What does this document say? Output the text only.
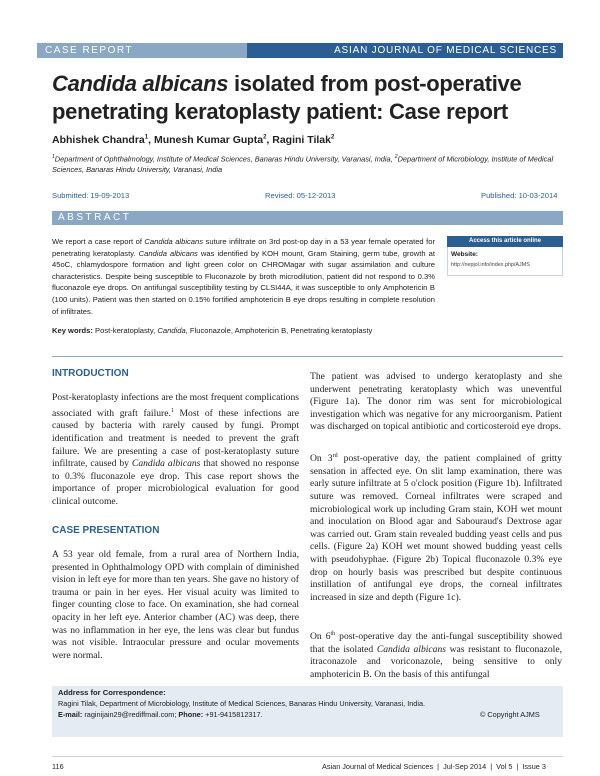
CASE REPORT	ASIAN JOURNAL OF MEDICAL SCIENCES
Candida albicans isolated from post-operative
penetrating keratoplasty patient: Case report
Abhishek Chandra$^1$, Munesh Kumar Gupta$^2$, Ragini Tilak$^2$
$^1$Department of Ophthalmology, Institute of Medical Sciences, Banaras Hindu University, Varanasi, India, $^2$Department of Microbiology, Institute of Medical Sciences, Banaras Hindu University, Varanasi, India
Submitted: 19-09-2013	Revised: 05-12-2013	Published: 10-03-2014
ABSTRACT
We report a case report of Candida albicans suture infiltrate on 3rd post-op day in a 53 year female operated for penetrating keratoplasty. Candida albicans was identified by KOH mount, Gram Staining, germ tube, growth at 45oC, chlamydospore formation and light green color on CHROMagar with sugar assimilation and culture characteristics. Despite being susceptible to Fluconazole by broth microdilution, patient did not respond to 0.3% fluconazole eye drops. On antifungal susceptibility testing by CLSI44A, it was susceptible to only Amphotericin B (100 units). Patient was then started on 0.15% fortified amphotericin B eye drops resulting in complete resolution of infiltrates.
Access this article online
Website:
http://nepjol.info/index.php/AJMS
Key words: Post-keratoplasty, Candida, Fluconazole, Amphotericin B, Penetrating keratoplasty
INTRODUCTION
Post-keratoplasty infections are the most frequent complications associated with graft failure.$^1$ Most of these infections are caused by bacteria with rarely caused by fungi. Prompt identification and treatment is needed to prevent the graft failure. We are presenting a case of post-keratoplasty suture infiltrate, caused by Candida albicans that showed no response to 0.3% fluconazole eye drop. This case report shows the importance of proper microbiological evaluation for good clinical outcome.
CASE PRESENTATION
A 53 year old female, from a rural area of Northern India, presented in Ophthalmology OPD with complain of diminished vision in left eye for more than ten years. She gave no history of trauma or pain in her eyes. Her visual acuity was limited to finger counting close to face. On examination, she had corneal opacity in her left eye. Anterior chamber (AC) was deep, there was no inflammation in her eye, the lens was clear but fundus was not visible. Intraocular pressure and ocular movements were normal.
The patient was advised to undergo keratoplasty and she underwent penetrating keratoplasty which was uneventful (Figure 1a). The donor rim was sent for microbiological investigation which was negative for any microorganism. Patient was discharged on topical antibiotic and corticosteroid eye drops.
On 3rd post-operative day, the patient complained of gritty sensation in affected eye. On slit lamp examination, there was early suture infiltrate at 5 o'clock position (Figure 1b). Infiltrated suture was removed. Corneal infiltrates were scraped and microbiological work up including Gram stain, KOH wet mount and inoculation on Blood agar and Sabouraud's Dextrose agar was carried out. Gram stain revealed budding yeast cells and pus cells. (Figure 2a) KOH wet mount showed budding yeast cells with pseudohyphae. (Figure 2b) Topical fluconazole 0.3% eye drop on hourly basis was prescribed but despite continuous instillation of antifungal eye drops, the corneal infiltrates increased in size and depth (Figure 1c).
On 6th post-operative day the anti-fungal susceptibility showed that the isolated Candida albicans was resistant to fluconazole, itraconazole and voriconazole, being sensitive to only amphotericin B. On the basis of this antifungal
Address for Correspondence:
Ragini Tilak, Department of Microbiology, Institute of Medical Sciences, Banaras Hindu University, Varanasi, India.
E-mail: raginijain29@rediffmail.com; Phone: +91-9415812317.	© Copyright AJMS
116	Asian Journal of Medical Sciences  |  Jul-Sep 2014  |  Vol 5  |  Issue 3
